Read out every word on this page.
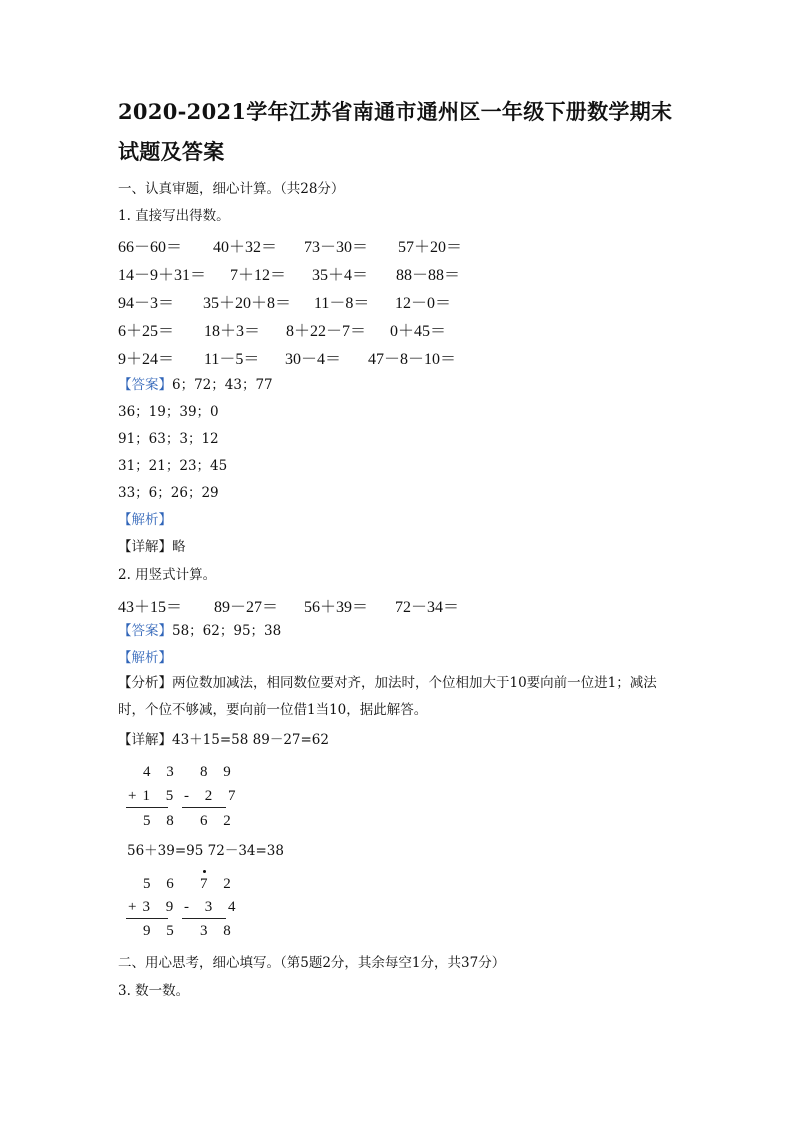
2020-2021学年江苏省南通市通州区一年级下册数学期末试题及答案
一、认真审题，细心计算。（共28分）
1. 直接写出得数。
66－60＝ 40＋32＝ 73－30＝ 57＋20＝
14－9＋31＝ 7＋12＝ 35＋4＝ 88－88＝
94－3＝ 35＋20＋8＝ 11－8＝ 12－0＝
6＋25＝ 18＋3＝ 8＋22－7＝ 0＋45＝
9＋24＝ 11－5＝ 30－4＝ 47－8－10＝
【答案】6；72；43；77
36；19；39；0
91；63；3；12
31；21；23；45
33；6；26；29
【解析】
【详解】略
2. 用竖式计算。
43＋15＝ 89－27＝ 56＋39＝ 72－34＝
【答案】58；62；95；38
【解析】
【分析】两位数加减法，相同数位要对齐，加法时，个位相加大于10要向前一位进1；减法时，个位不够减，要向前一位借1当10，据此解答。
【详解】43＋15=58 89－27=62
4 3
+1 5
5 8
8 9
- 2 7
6 2
56＋39=95 72－34=38
5 6
+3 9
9 5
7 2
- 3 4
3 8
二、用心思考，细心填写。（第5题2分，其余每空1分，共37分）
3. 数一数。
